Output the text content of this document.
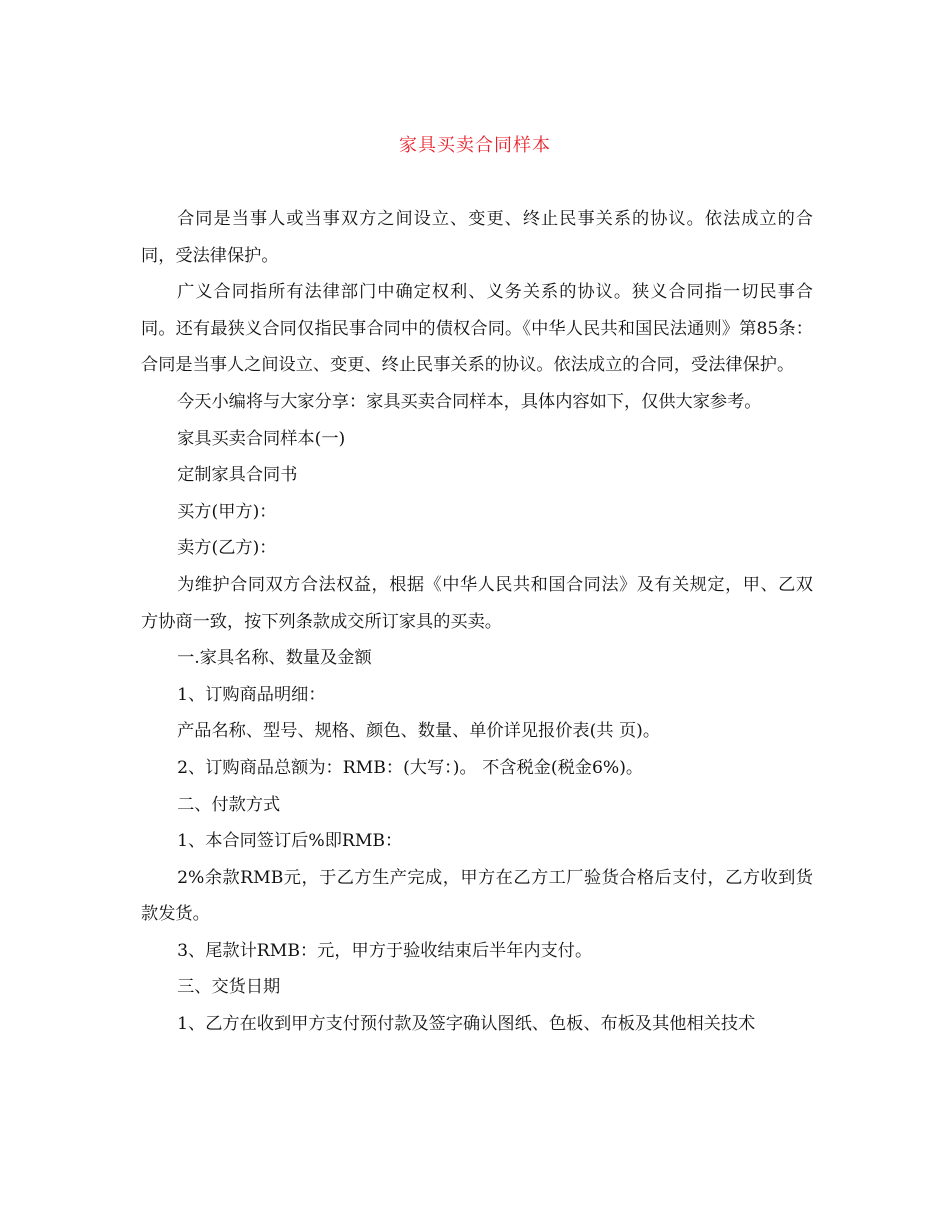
家具买卖合同样本

合同是当事人或当事双方之间设立、变更、终止民事关系的协议。依法成立的合同，受法律保护。

广义合同指所有法律部门中确定权利、义务关系的协议。狭义合同指一切民事合同。还有最狭义合同仅指民事合同中的债权合同。《中华人民共和国民法通则》第85条：合同是当事人之间设立、变更、终止民事关系的协议。依法成立的合同，受法律保护。

今天小编将与大家分享：家具买卖合同样本，具体内容如下，仅供大家参考。

家具买卖合同样本(一)

定制家具合同书

买方(甲方)：

卖方(乙方)：

为维护合同双方合法权益，根据《中华人民共和国合同法》及有关规定，甲、乙双方协商一致，按下列条款成交所订家具的买卖。

一.家具名称、数量及金额

1、订购商品明细：

产品名称、型号、规格、颜色、数量、单价详见报价表(共 页)。

2、订购商品总额为：RMB：(大写：)。 不含税金(税金6%)。

二、付款方式

1、本合同签订后%即RMB：

2%余款RMB元，于乙方生产完成，甲方在乙方工厂验货合格后支付，乙方收到货款发货。

3、尾款计RMB：元，甲方于验收结束后半年内支付。

三、交货日期

1、乙方在收到甲方支付预付款及签字确认图纸、色板、布板及其他相关技术
